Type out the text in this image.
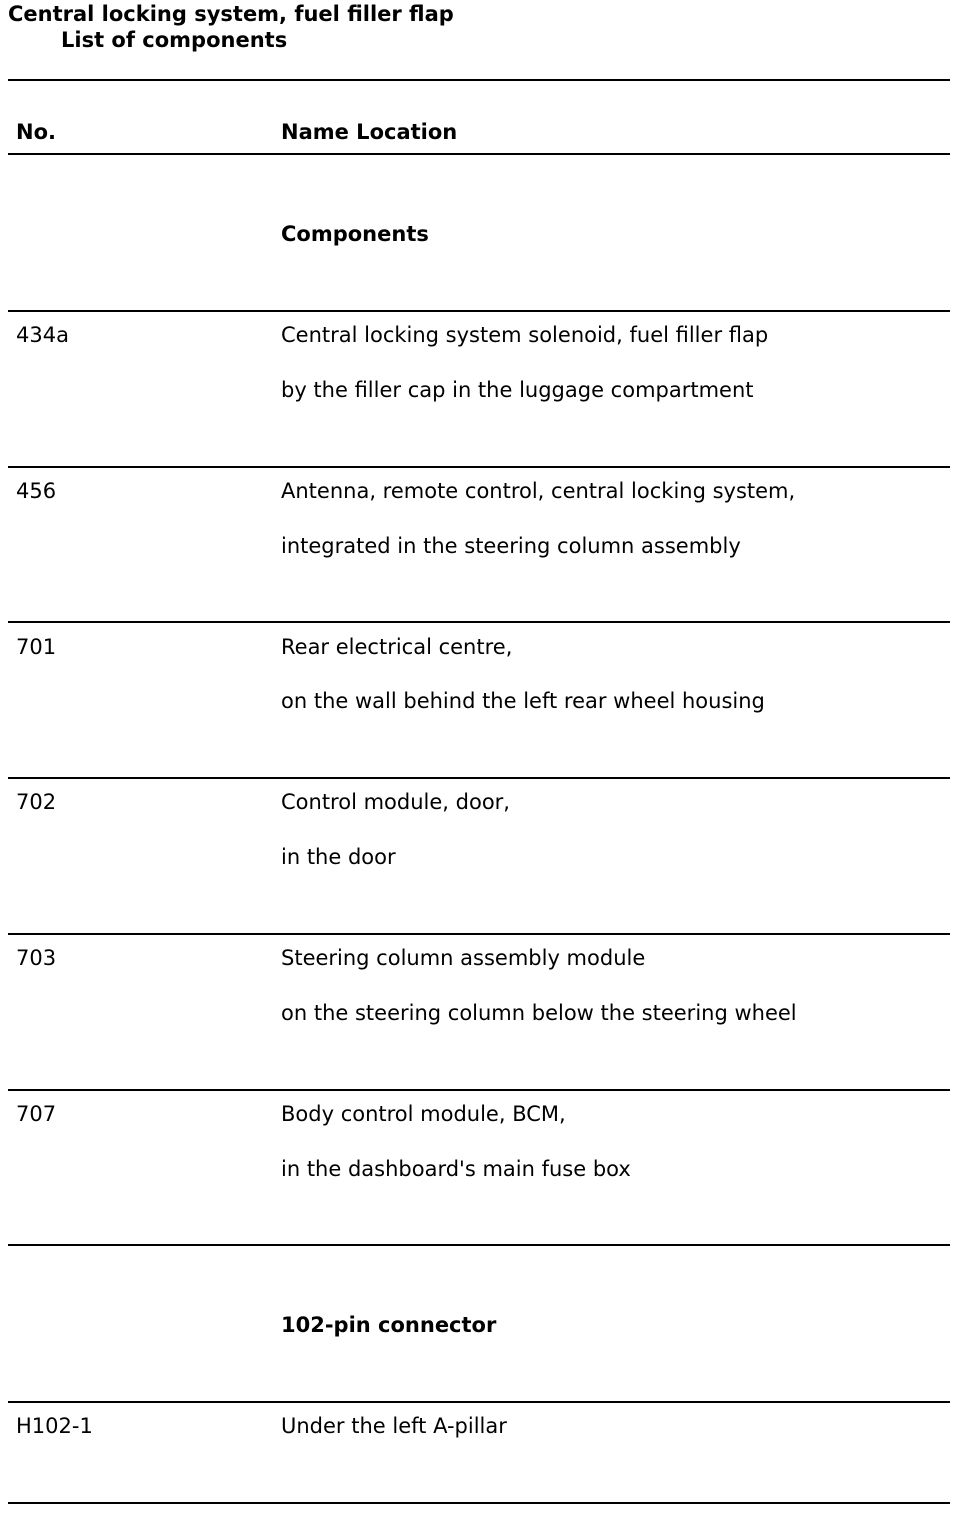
Central locking system, fuel filler flap
List of components
No.	Name Location
Components
434a	Central locking system solenoid, fuel filler flap
by the filler cap in the luggage compartment
456	Antenna, remote control, central locking system,
integrated in the steering column assembly
701	Rear electrical centre,
on the wall behind the left rear wheel housing
702	Control module, door,
in the door
703	Steering column assembly module
on the steering column below the steering wheel
707	Body control module, BCM,
in the dashboard's main fuse box
102-pin connector
H102-1	Under the left A-pillar
